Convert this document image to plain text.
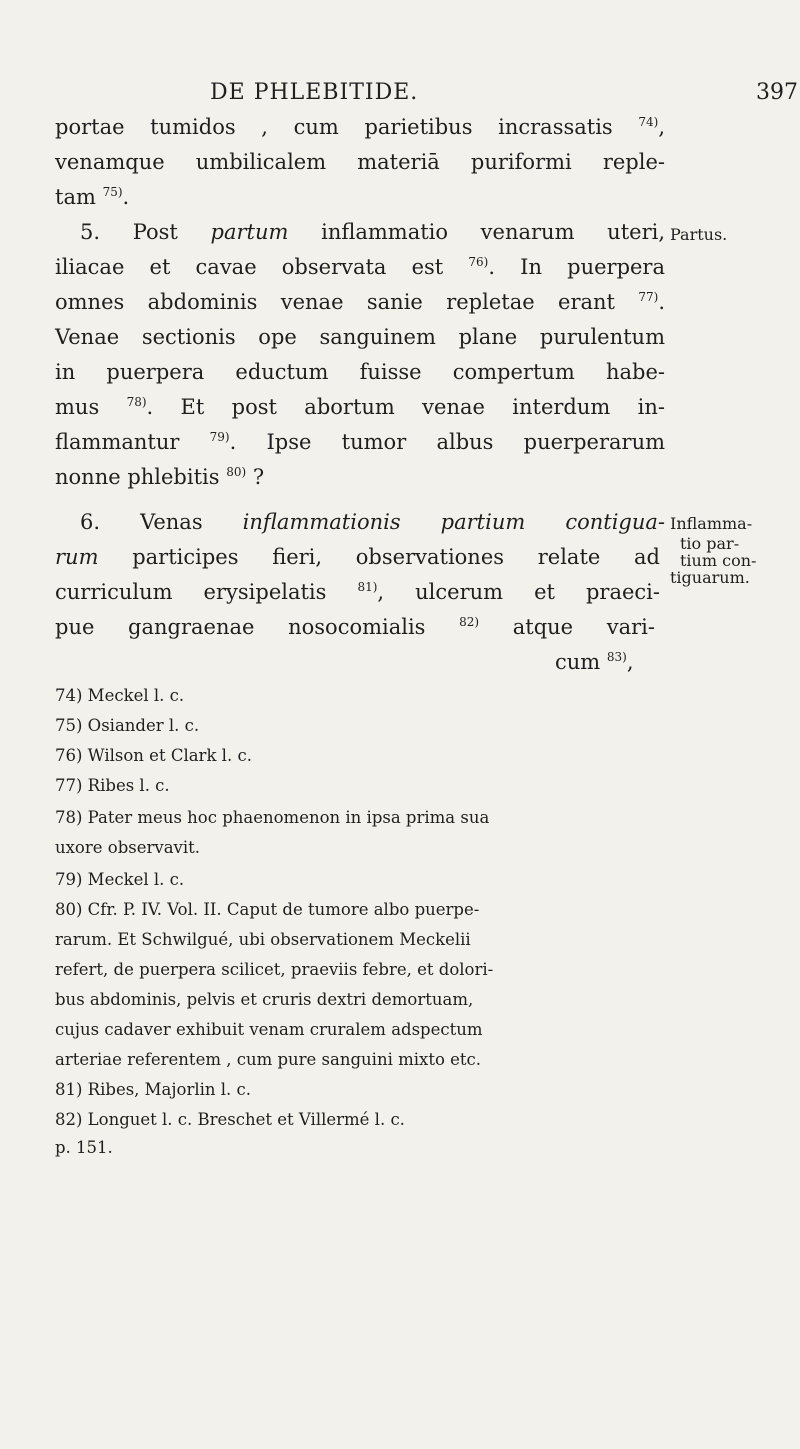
DE PHLEBITIDE.	397
portae tumidos , cum parietibus incrassatis $^{74)}$,
venamque umbilicalem materiā puriformi reple-
tam $^{75)}$.
5. Post partum inflammatio venarum uteri,
iliacae et cavae observata est $^{76)}$. In puerpera
omnes abdominis venae sanie repletae erant $^{77)}$.
Venae sectionis ope sanguinem plane purulentum
in puerpera eductum fuisse compertum habe-
mus $^{78)}$. Et post abortum venae interdum in-
flammantur $^{79)}$. Ipse tumor albus puerperarum
nonne phlebitis $^{80)}$ ?
6. Venas inflammationis partium contigua-
rum participes fieri, observationes relate ad
curriculum erysipelatis $^{81)}$, ulcerum et praeci-
pue gangraenae nosocomialis $^{82)}$ atque vari-
cum $^{83)}$,
Partus.
Inflamma-
tio par-
tium con-
tiguarum.
74) Meckel l. c.
75) Osiander l. c.
76) Wilson et Clark l. c.
77) Ribes l. c.
78) Pater meus hoc phaenomenon in ipsa prima sua
uxore observavit.
79) Meckel l. c.
80) Cfr. P. IV. Vol. II. Caput de tumore albo puerpe-
rarum. Et Schwilgué, ubi observationem Meckelii
refert, de puerpera scilicet, praeviis febre, et dolori-
bus abdominis, pelvis et cruris dextri demortuam,
cujus cadaver exhibuit venam cruralem adspectum
arteriae referentem , cum pure sanguini mixto etc.
81) Ribes, Majorlin l. c.
82) Longuet l. c. Breschet et Villermé l. c.
p. 151.
